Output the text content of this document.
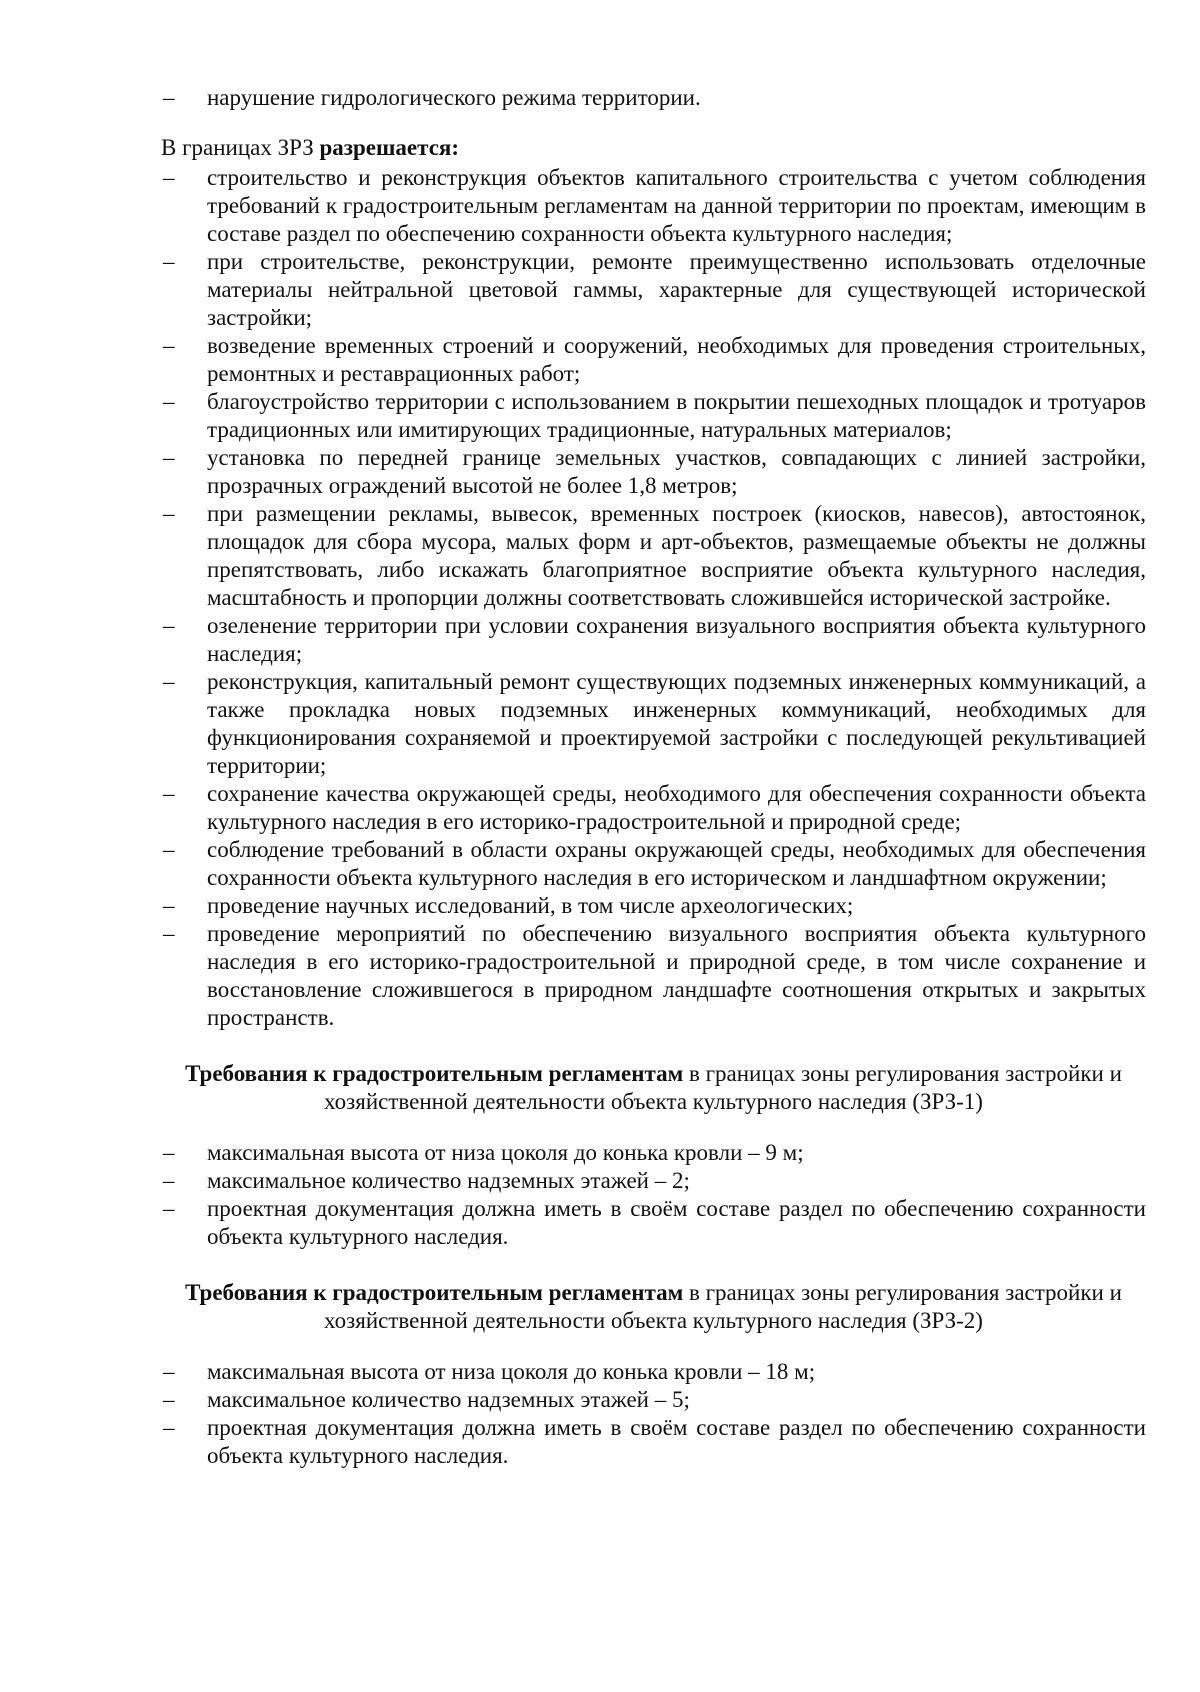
– нарушение гидрологического режима территории.

В границах ЗРЗ разрешается:

– строительство и реконструкция объектов капитального строительства с учетом соблюдения требований к градостроительным регламентам на данной территории по проектам, имеющим в составе раздел по обеспечению сохранности объекта культурного наследия;

– при строительстве, реконструкции, ремонте преимущественно использовать отделочные материалы нейтральной цветовой гаммы, характерные для существующей исторической застройки;

– возведение временных строений и сооружений, необходимых для проведения строительных, ремонтных и реставрационных работ;

– благоустройство территории с использованием в покрытии пешеходных площадок и тротуаров традиционных или имитирующих традиционные, натуральных материалов;

– установка по передней границе земельных участков, совпадающих с линией застройки, прозрачных ограждений высотой не более 1,8 метров;

– при размещении рекламы, вывесок, временных построек (киосков, навесов), автостоянок, площадок для сбора мусора, малых форм и арт-объектов, размещаемые объекты не должны препятствовать, либо искажать благоприятное восприятие объекта культурного наследия, масштабность и пропорции должны соответствовать сложившейся исторической застройке.

– озеленение территории при условии сохранения визуального восприятия объекта культурного наследия;

– реконструкция, капитальный ремонт существующих подземных инженерных коммуникаций, а также прокладка новых подземных инженерных коммуникаций, необходимых для функционирования сохраняемой и проектируемой застройки с последующей рекультивацией территории;

– сохранение качества окружающей среды, необходимого для обеспечения сохранности объекта культурного наследия в его историко-градостроительной и природной среде;

– соблюдение требований в области охраны окружающей среды, необходимых для обеспечения сохранности объекта культурного наследия в его историческом и ландшафтном окружении;

– проведение научных исследований, в том числе археологических;

– проведение мероприятий по обеспечению визуального восприятия объекта культурного наследия в его историко-градостроительной и природной среде, в том числе сохранение и восстановление сложившегося в природном ландшафте соотношения открытых и закрытых пространств.

Требования к градостроительным регламентам в границах зоны регулирования застройки и хозяйственной деятельности объекта культурного наследия (ЗРЗ-1)

– максимальная высота от низа цоколя до конька кровли – 9 м;

– максимальное количество надземных этажей – 2;

– проектная документация должна иметь в своём составе раздел по обеспечению сохранности объекта культурного наследия.

Требования к градостроительным регламентам в границах зоны регулирования застройки и хозяйственной деятельности объекта культурного наследия (ЗРЗ-2)

– максимальная высота от низа цоколя до конька кровли – 18 м;

– максимальное количество надземных этажей – 5;

– проектная документация должна иметь в своём составе раздел по обеспечению сохранности объекта культурного наследия.
